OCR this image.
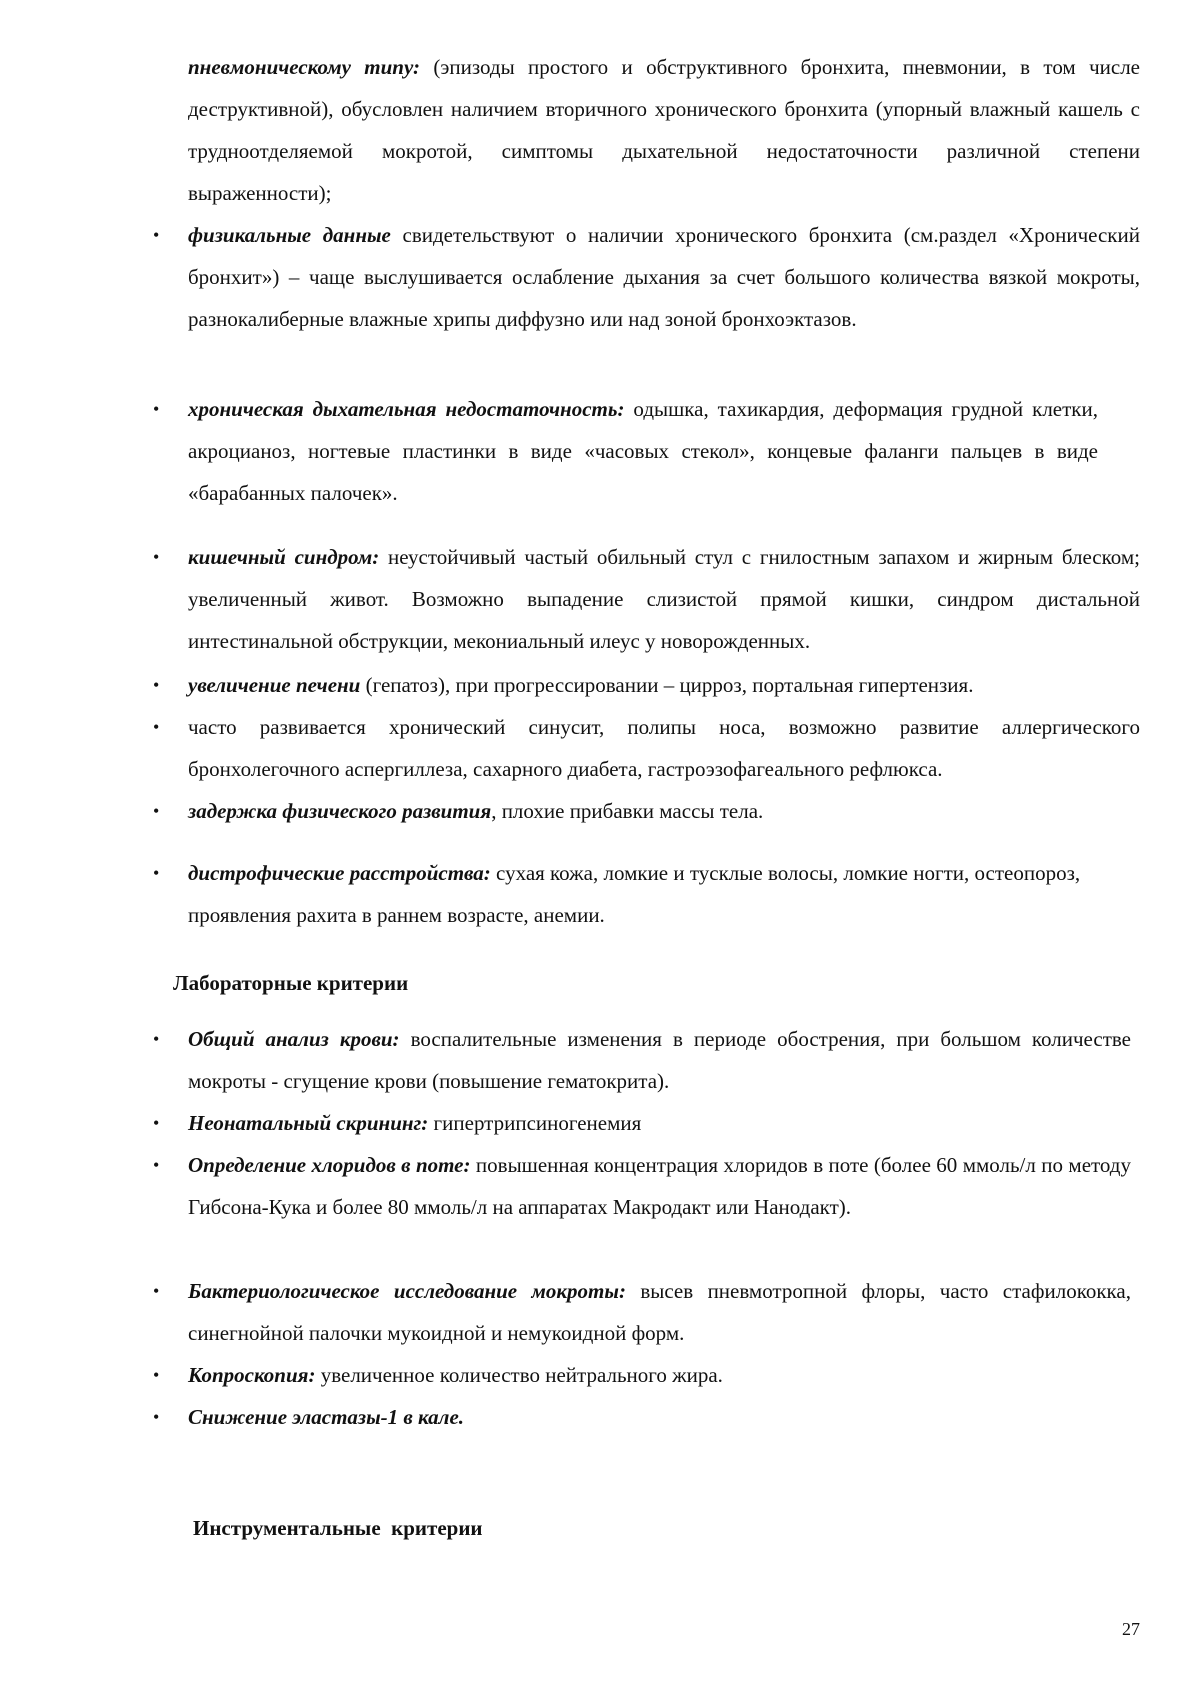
пневмоническому типу: (эпизоды простого и обструктивного бронхита, пневмонии, в том числе деструктивной), обусловлен наличием вторичного хронического бронхита (упорный влажный кашель с трудноотделяемой мокротой, симптомы дыхательной недостаточности различной степени выраженности);

• физикальные данные свидетельствуют о наличии хронического бронхита (см.раздел «Хронический бронхит») – чаще выслушивается ослабление дыхания за счет большого количества вязкой мокроты, разнокалиберные влажные хрипы диффузно или над зоной бронхоэктазов.
• хроническая дыхательная недостаточность: одышка, тахикардия, деформация грудной клетки, акроцианоз, ногтевые пластинки в виде «часовых стекол», концевые фаланги пальцев в виде «барабанных палочек».
• кишечный синдром: неустойчивый частый обильный стул с гнилостным запахом и жирным блеском; увеличенный живот. Возможно выпадение слизистой прямой кишки, синдром дистальной интестинальной обструкции, мекониальный илеус у новорожденных.
• увеличение печени (гепатоз), при прогрессировании – цирроз, портальная гипертензия.
• часто развивается хронический синусит, полипы носа, возможно развитие аллергического бронхолегочного аспергиллеза, сахарного диабета, гастроэзофагеального рефлюкса.
• задержка физического развития, плохие прибавки массы тела.
• дистрофические расстройства: сухая кожа, ломкие и тусклые волосы, ломкие ногти, остеопороз, проявления рахита в раннем возрасте, анемии.
Лабораторные критерии
• Общий анализ крови: воспалительные изменения в периоде обострения, при большом количестве мокроты - сгущение крови (повышение гематокрита).
• Неонатальный скрининг: гипертрипсиногенемия
• Определение хлоридов в поте: повышенная концентрация хлоридов в поте (более 60 ммоль/л по методу Гибсона-Кука и более 80 ммоль/л на аппаратах Макродакт или Нанодакт).
• Бактериологическое исследование мокроты: высев пневмотропной флоры, часто стафилококка, синегнойной палочки мукоидной и немукоидной форм.
• Копроскопия: увеличенное количество нейтрального жира.
• Снижение эластазы-1 в кале.
Инструментальные  критерии
27
